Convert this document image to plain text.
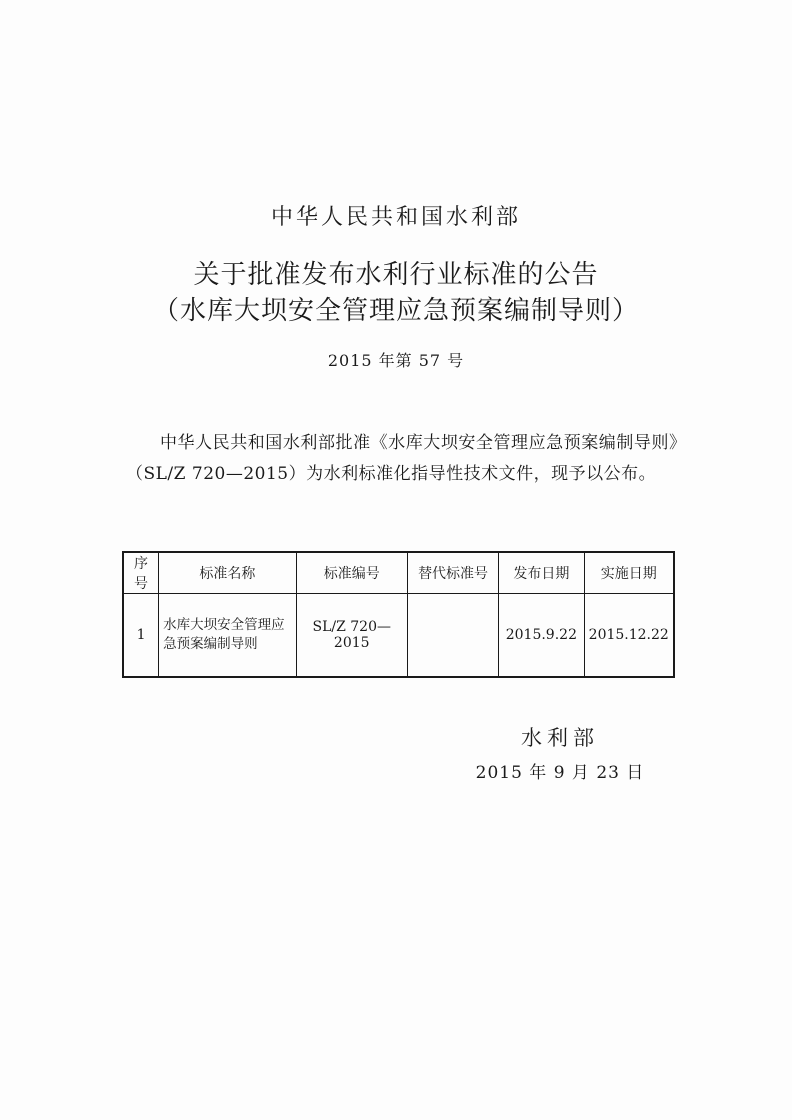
中华人民共和国水利部
关于批准发布水利行业标准的公告
（水库大坝安全管理应急预案编制导则）
2015 年第 57 号
中华人民共和国水利部批准《水库大坝安全管理应急预案编制导则》（SL/Z 720—2015）为水利标准化指导性技术文件，现予以公布。
序号	标准名称	标准编号	替代标准号	发布日期	实施日期
1	水库大坝安全管理应急预案编制导则	SL/Z 720—2015		2015.9.22	2015.12.22
水利部
2015 年 9 月 23 日
